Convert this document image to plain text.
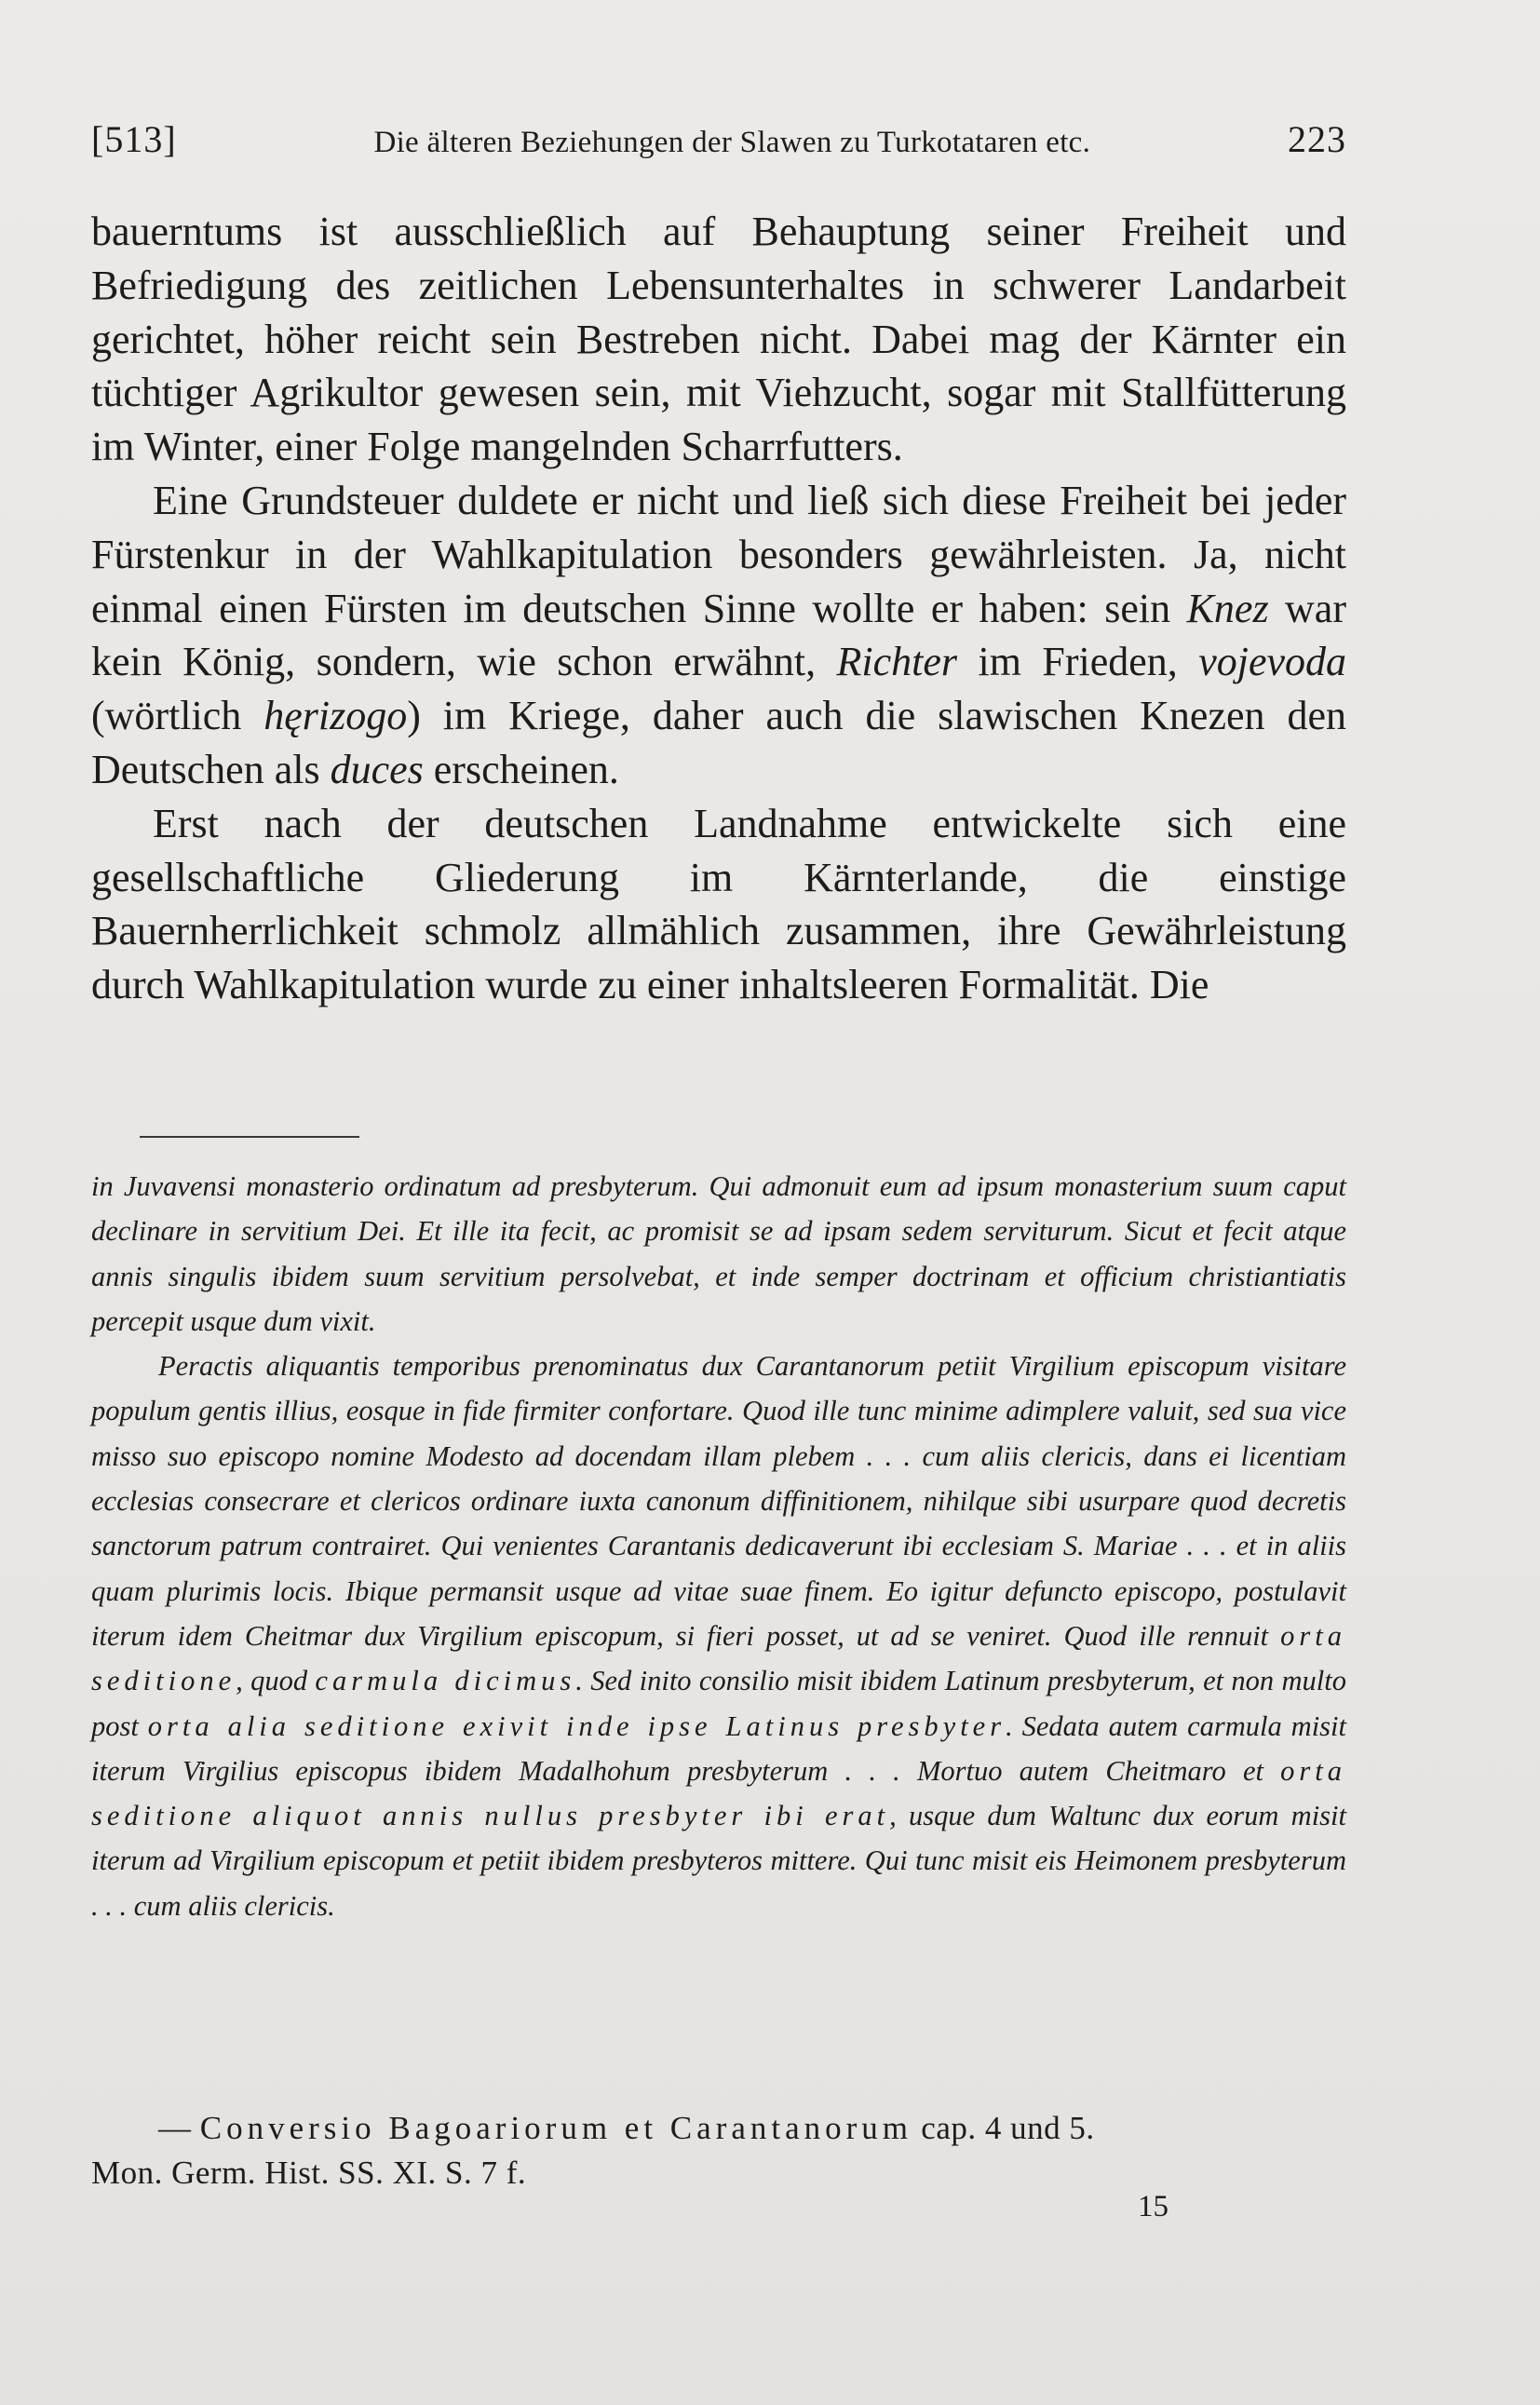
[513]	Die älteren Beziehungen der Slawen zu Turkotataren etc.	223

bauerntums ist ausschließlich auf Behauptung seiner Freiheit und Befriedigung des zeitlichen Lebensunterhaltes in schwerer Landarbeit gerichtet, höher reicht sein Bestreben nicht. Dabei mag der Kärnter ein tüchtiger Agrikultor gewesen sein, mit Viehzucht, sogar mit Stallfütterung im Winter, einer Folge mangelnden Scharrfutters.

Eine Grundsteuer duldete er nicht und ließ sich diese Freiheit bei jeder Fürstenkur in der Wahlkapitulation besonders gewährleisten. Ja, nicht einmal einen Fürsten im deutschen Sinne wollte er haben: sein Knez war kein König, sondern, wie schon erwähnt, Richter im Frieden, vojevoda (wörtlich hęrizogo) im Kriege, daher auch die slawischen Knezen den Deutschen als duces erscheinen.

Erst nach der deutschen Landnahme entwickelte sich eine gesellschaftliche Gliederung im Kärnterlande, die einstige Bauernherrlichkeit schmolz allmählich zusammen, ihre Gewährleistung durch Wahlkapitulation wurde zu einer inhaltsleeren Formalität. Die

in Juvavensi monasterio ordinatum ad presbyterum. Qui admonuit eum ad ipsum monasterium suum caput declinare in servitium Dei. Et ille ita fecit, ac promisit se ad ipsam sedem serviturum. Sicut et fecit atque annis singulis ibidem suum servitium persolvebat, et inde semper doctrinam et officium christiantiatis percepit usque dum vixit.

Peractis aliquantis temporibus prenominatus dux Carantanorum petiit Virgilium episcopum visitare populum gentis illius, eosque in fide firmiter confortare. Quod ille tunc minime adimplere valuit, sed sua vice misso suo episcopo nomine Modesto ad docendam illam plebem . . . cum aliis clericis, dans ei licentiam ecclesias consecrare et clericos ordinare iuxta canonum diffinitionem, nihilque sibi usurpare quod decretis sanctorum patrum contrairet. Qui venientes Carantanis dedicaverunt ibi ecclesiam S. Mariae . . . et in aliis quam plurimis locis. Ibique permansit usque ad vitae suae finem. Eo igitur defuncto episcopo, postulavit iterum idem Cheitmar dux Virgilium episcopum, si fieri posset, ut ad se veniret. Quod ille rennuit orta seditione, quod carmula dicimus. Sed inito consilio misit ibidem Latinum presbyterum, et non multo post orta alia seditione exivit inde ipse Latinus presbyter. Sedata autem carmula misit iterum Virgilius episcopus ibidem Madalhohum presbyterum . . . Mortuo autem Cheitmaro et orta seditione aliquot annis nullus presbyter ibi erat, usque dum Waltunc dux eorum misit iterum ad Virgilium episcopum et petiit ibidem presbyteros mittere. Qui tunc misit eis Heimonem presbyterum . . . cum aliis clericis.

— Conversio Bagoariorum et Carantanorum cap. 4 und 5.
Mon. Germ. Hist. SS. XI. S. 7 f.
15
